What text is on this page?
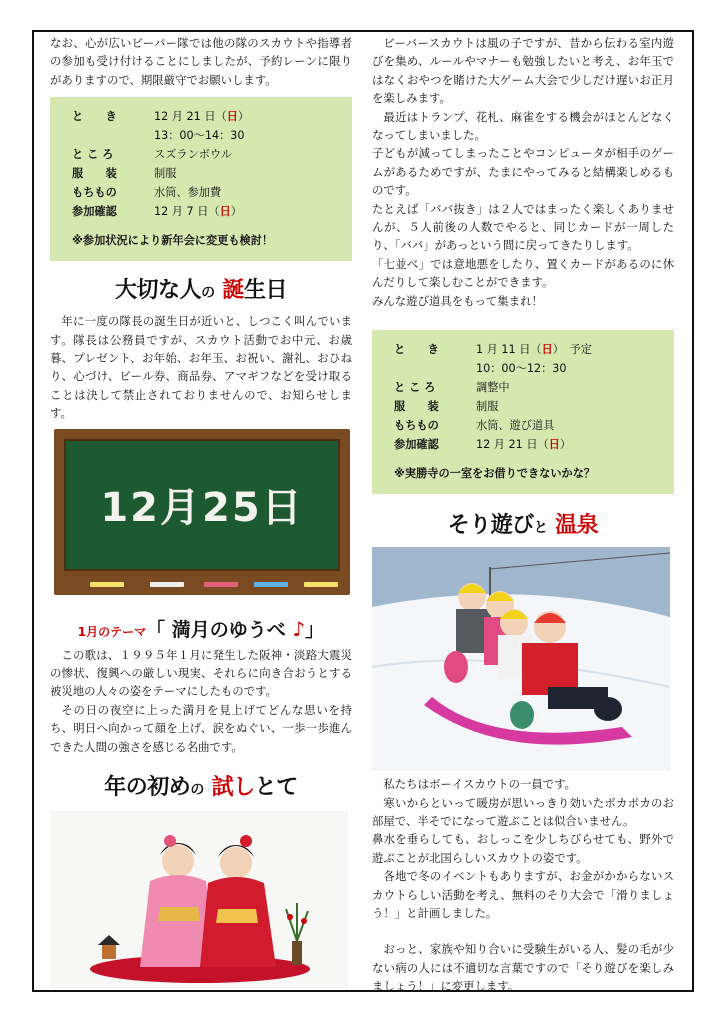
なお、心が広いビーバー隊では他の隊のスカウトや指導者の参加も受け付けることにしましたが、予約レーンに限りがありますので、期限厳守でお願いします。

と　　き	12 月 21 日（日）
13：00～14：30
と こ ろ	スズランボウル
服　　装	制服
もちもの	水筒、参加費
参加確認	12 月 7 日（日）
※参加状況により新年会に変更も検討！
大切な人の 誕生日

年に一度の隊長の誕生日が近いと、しつこく叫んでいます。隊長は公務員ですが、スカウト活動でお中元、お歳暮、プレゼント、お年始、お年玉、お祝い、謝礼、おひねり、心づけ、ビール券、商品券、アマギフなどを受け取ることは決して禁止されておりませんので、お知らせします。

12月25日
1月のテーマ「 満月のゆうべ ♪」

この歌は、１９９５年１月に発生した阪神・淡路大震災の惨状、復興への厳しい現実、それらに向き合おうとする被災地の人々の姿をテーマにしたものです。

その日の夜空に上った満月を見上げてどんな思いを持ち、明日へ向かって顔を上げ、涙をぬぐい、一歩一歩進んできた人間の強さを感じる名曲です。

年の初めの 試しとて

ビーバースカウトは風の子ですが、昔から伝わる室内遊びを集め、ルールやマナーも勉強したいと考え、お年玉ではなくおやつを賭けた大ゲーム大会で少しだけ遅いお正月を楽しみます。

最近はトランプ、花札、麻雀をする機会がほとんどなくなってしまいました。

子どもが減ってしまったことやコンピュータが相手のゲームがあるためですが、たまにやってみると結構楽しめるものです。

たとえば「ババ抜き」は２人ではまったく楽しくありませんが、５人前後の人数でやると、同じカードが一周したり、「ババ」があっという間に戻ってきたりします。

「七並べ」では意地悪をしたり、置くカードがあるのに休んだりして楽しむことができます。

みんな遊び道具をもって集まれ！

と　　き	1 月 11 日（日）　予定
10：00～12：30
と こ ろ	調整中
服　　装	制服
もちもの	水筒、遊び道具
参加確認	12 月 21 日（日）
※実勝寺の一室をお借りできないかな？
そり遊びと 温泉

私たちはボーイスカウトの一員です。

寒いからといって暖房が思いっきり効いたポカポカのお部屋で、半そでになって遊ぶことは似合いません。

鼻水を垂らしても、おしっこを少しちびらせても、野外で遊ぶことが北国らしいスカウトの姿です。

各地で冬のイベントもありますが、お金がかからないスカウトらしい活動を考え、無料のそり大会で「滑りましょう！」と計画しました。

おっと、家族や知り合いに受験生がいる人、髪の毛が少ない病の人には不適切な言葉ですので「そり遊びを楽しみましょう！」に変更します。
